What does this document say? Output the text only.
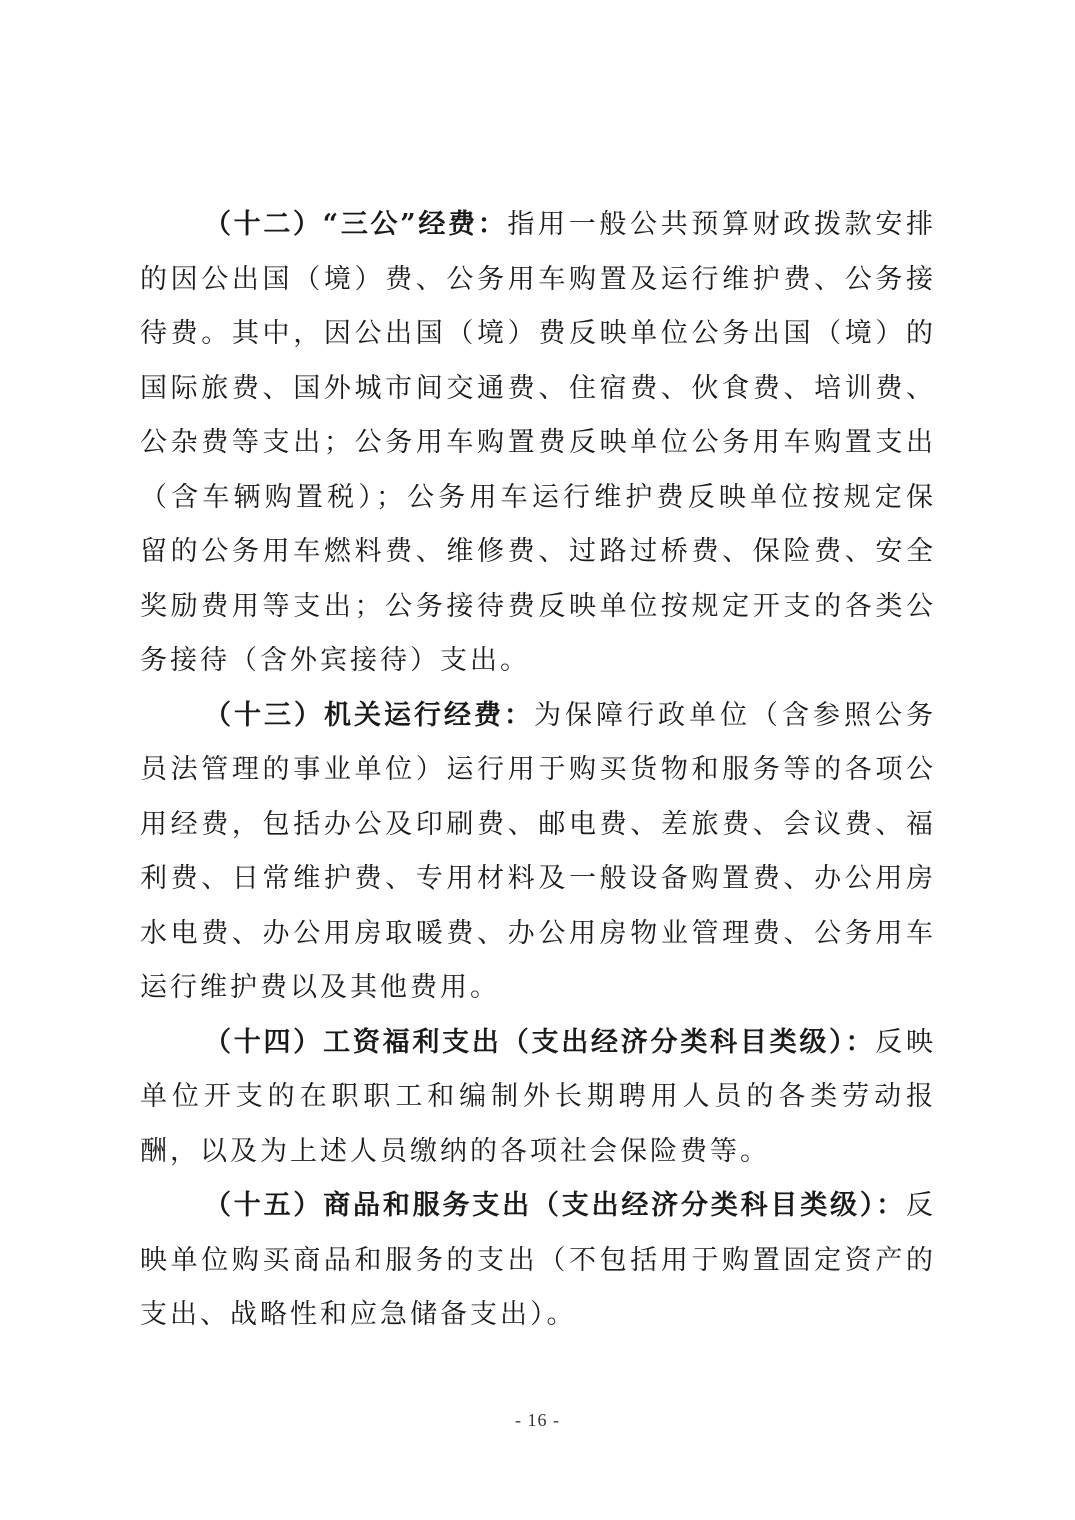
（十二）“三公”经费：指用一般公共预算财政拨款安排的因公出国（境）费、公务用车购置及运行维护费、公务接待费。其中，因公出国（境）费反映单位公务出国（境）的国际旅费、国外城市间交通费、住宿费、伙食费、培训费、公杂费等支出；公务用车购置费反映单位公务用车购置支出（含车辆购置税）；公务用车运行维护费反映单位按规定保留的公务用车燃料费、维修费、过路过桥费、保险费、安全奖励费用等支出；公务接待费反映单位按规定开支的各类公务接待（含外宾接待）支出。

（十三）机关运行经费：为保障行政单位（含参照公务员法管理的事业单位）运行用于购买货物和服务等的各项公用经费，包括办公及印刷费、邮电费、差旅费、会议费、福利费、日常维护费、专用材料及一般设备购置费、办公用房水电费、办公用房取暖费、办公用房物业管理费、公务用车运行维护费以及其他费用。

（十四）工资福利支出（支出经济分类科目类级）：反映单位开支的在职职工和编制外长期聘用人员的各类劳动报酬，以及为上述人员缴纳的各项社会保险费等。

（十五）商品和服务支出（支出经济分类科目类级）：反映单位购买商品和服务的支出（不包括用于购置固定资产的支出、战略性和应急储备支出）。

- 16 -
